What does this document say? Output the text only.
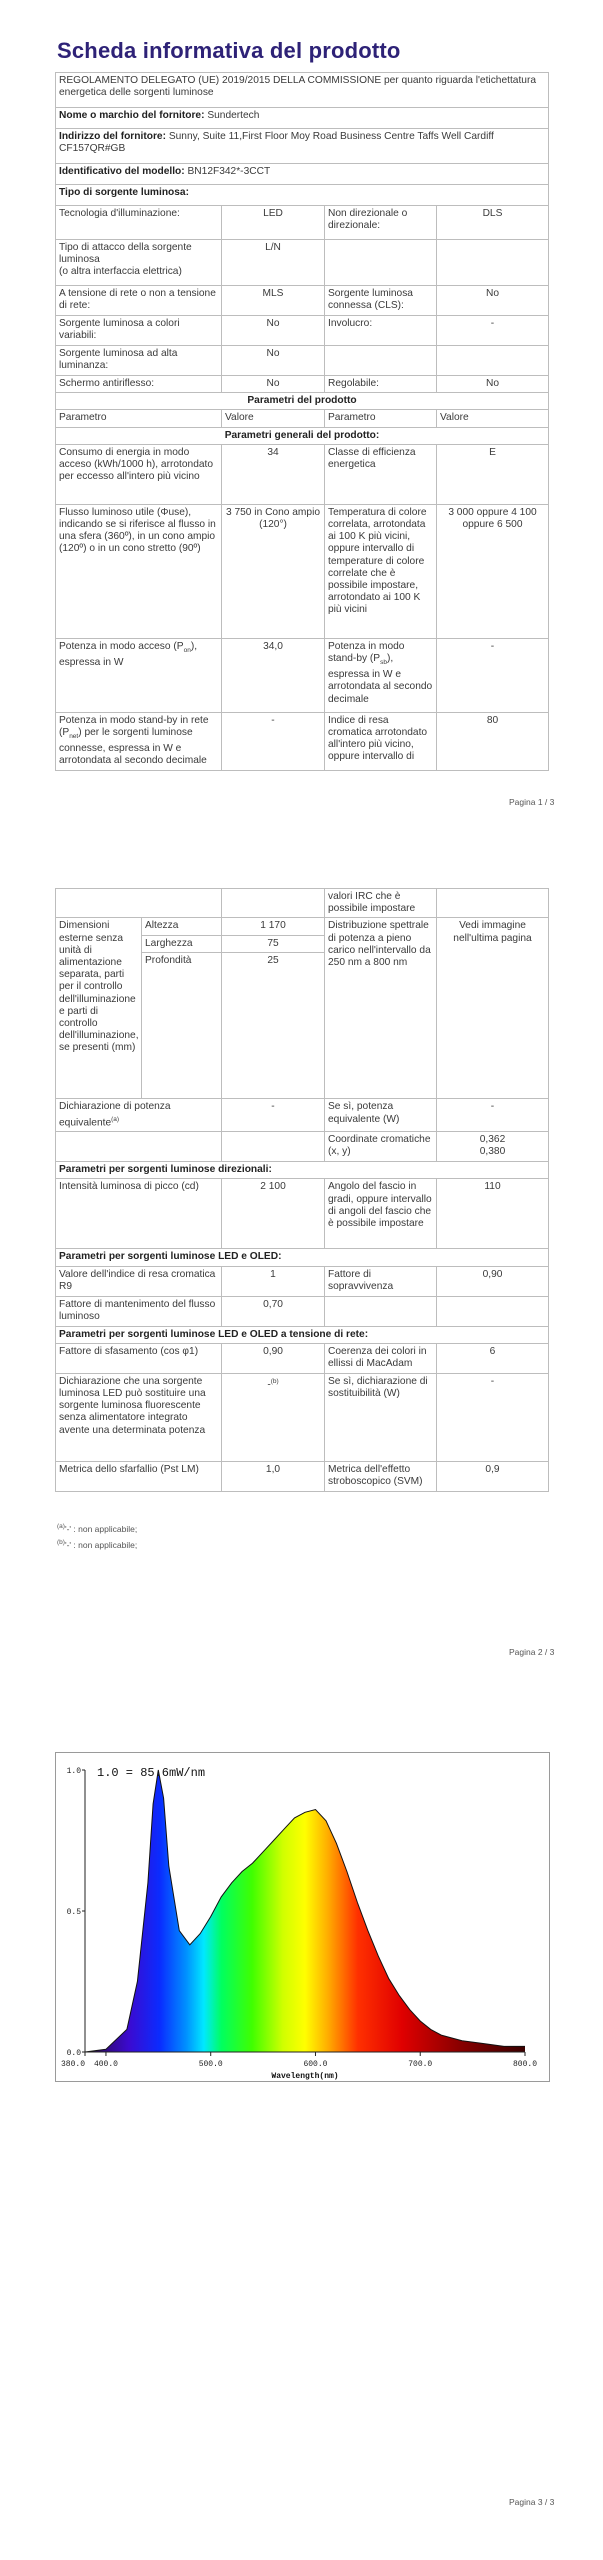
Scheda informativa del prodotto
REGOLAMENTO DELEGATO (UE) 2019/2015 DELLA COMMISSIONE per quanto riguarda l'etichettatura energetica delle sorgenti luminose			
Nome o marchio del fornitore: Sundertech			
Indirizzo del fornitore: Sunny, Suite 11,First Floor Moy Road Business Centre Taffs Well Cardiff CF157QR#GB			
Identificativo del modello: BN12F342*-3CCT			
Tipo di sorgente luminosa:			
Tecnologia d'illuminazione:	LED	Non direzionale o direzionale:	DLS
Tipo di attacco della sorgente luminosa
(o altra interfaccia elettrica)	L/N		
A tensione di rete o non a tensione di rete:	MLS	Sorgente luminosa connessa (CLS):	No
Sorgente luminosa a colori variabili:	No	Involucro:	-
Sorgente luminosa ad alta luminanza:	No		
Schermo antiriflesso:	No	Regolabile:	No
Parametri del prodotto			
Parametro	Valore	Parametro	Valore
Parametri generali del prodotto:			
Consumo di energia in modo acceso (kWh/1000 h), arrotondato per eccesso all'intero più vicino	34	Classe di efficienza energetica	E
Flusso luminoso utile (Φuse), indicando se si riferisce al flusso in una sfera (360º), in un cono ampio (120º) o in un cono stretto (90º)	3 750 in Cono ampio (120°)	Temperatura di colore correlata, arrotondata ai 100 K più vicini, oppure intervallo di temperature di colore correlate che è possibile impostare, arrotondato ai 100 K più vicini	3 000 oppure 4 100 oppure 6 500
Potenza in modo acceso $(P_{on})$, espressa in W	34,0	Potenza in modo stand-by $(P_{sb})$, espressa in W e arrotondata al secondo decimale	-
Potenza in modo stand-by in rete $(P_{net})$ per le sorgenti luminose connesse, espressa in W e arrotondata al secondo decimale	-	Indice di resa cromatica arrotondato all'intero più vicino, oppure intervallo di	80
Pagina 1 / 3
			valori IRC che è possibile impostare	
Dimensioni esterne senza unità di alimentazione separata, parti per il controllo dell'illuminazione e parti di controllo dell'illuminazione, se presenti (mm)	Altezza	1 170	Distribuzione spettrale di potenza a pieno carico nell'intervallo da 250 nm a 800 nm	Vedi immagine nell'ultima pagina
	Larghezza	75		
	Profondità	25		
Dichiarazione di potenza equivalente$^{(a)}$		-	Se sì, potenza equivalente (W)	-
			Coordinate cromatiche (x, y)	0,362
0,380
Parametri per sorgenti luminose direzionali:				
Intensità luminosa di picco (cd)		2 100	Angolo del fascio in gradi, oppure intervallo di angoli del fascio che è possibile impostare	110
Parametri per sorgenti luminose LED e OLED:				
Valore dell'indice di resa cromatica R9		1	Fattore di sopravvivenza	0,90
Fattore di mantenimento del flusso luminoso		0,70		
Parametri per sorgenti luminose LED e OLED a tensione di rete:				
Fattore di sfasamento (cos φ1)		0,90	Coerenza dei colori in ellissi di MacAdam	6
Dichiarazione che una sorgente luminosa LED può sostituire una sorgente luminosa fluorescente senza alimentatore integrato avente una determinata potenza		-$^{(b)}$	Se sì, dichiarazione di sostituibilità (W)	-
Metrica dello sfarfallio (Pst LM)		1,0	Metrica dell'effetto stroboscopico (SVM)	0,9
$^{(a)}$'-' : non applicabile;
$^{(b)}$'-' : non applicabile;
Pagina 2 / 3
380.0 400.0	500.0	600.0	700.0	800.0
0.0
0.5
1.0 1.0 = 85.6mW/nm
Wavelength(nm)
Pagina 3 / 3
